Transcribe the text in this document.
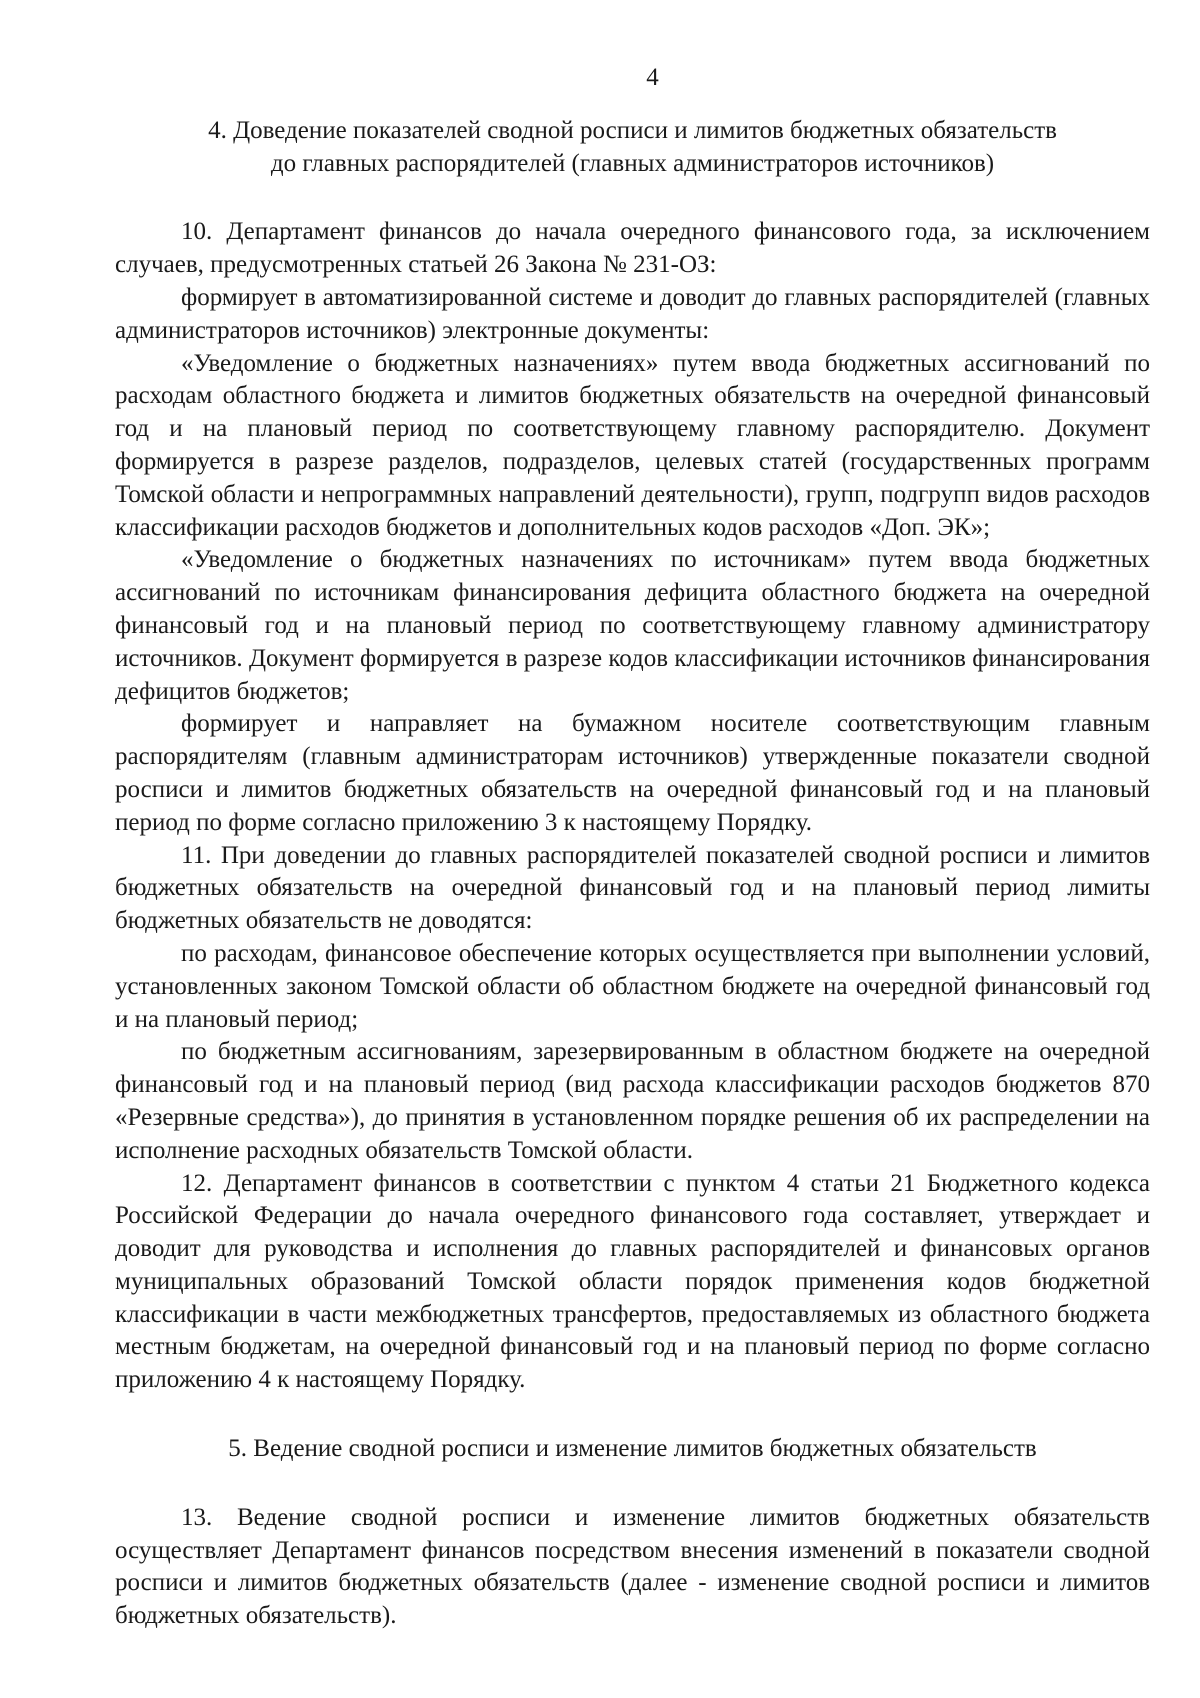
4
4. Доведение показателей сводной росписи и лимитов бюджетных обязательств
до главных распорядителей (главных администраторов источников)

10. Департамент финансов до начала очередного финансового года, за исключением случаев, предусмотренных статьей 26 Закона № 231-ОЗ:

формирует в автоматизированной системе и доводит до главных распорядителей (главных администраторов источников) электронные документы:

«Уведомление о бюджетных назначениях» путем ввода бюджетных ассигнований по расходам областного бюджета и лимитов бюджетных обязательств на очередной финансовый год и на плановый период по соответствующему главному распорядителю. Документ формируется в разрезе разделов, подразделов, целевых статей (государственных программ Томской области и непрограммных направлений деятельности), групп, подгрупп видов расходов классификации расходов бюджетов и дополнительных кодов расходов «Доп. ЭК»;

«Уведомление о бюджетных назначениях по источникам» путем ввода бюджетных ассигнований по источникам финансирования дефицита областного бюджета на очередной финансовый год и на плановый период по соответствующему главному администратору источников. Документ формируется в разрезе кодов классификации источников финансирования дефицитов бюджетов;

формирует и направляет на бумажном носителе соответствующим главным распорядителям (главным администраторам источников) утвержденные показатели сводной росписи и лимитов бюджетных обязательств на очередной финансовый год и на плановый период по форме согласно приложению 3 к настоящему Порядку.

11. При доведении до главных распорядителей показателей сводной росписи и лимитов бюджетных обязательств на очередной финансовый год и на плановый период лимиты бюджетных обязательств не доводятся:

по расходам, финансовое обеспечение которых осуществляется при выполнении условий, установленных законом Томской области об областном бюджете на очередной финансовый год и на плановый период;

по бюджетным ассигнованиям, зарезервированным в областном бюджете на очередной финансовый год и на плановый период (вид расхода классификации расходов бюджетов 870 «Резервные средства»), до принятия в установленном порядке решения об их распределении на исполнение расходных обязательств Томской области.

12. Департамент финансов в соответствии с пунктом 4 статьи 21 Бюджетного кодекса Российской Федерации до начала очередного финансового года составляет, утверждает и доводит для руководства и исполнения до главных распорядителей и финансовых органов муниципальных образований Томской области порядок применения кодов бюджетной классификации в части межбюджетных трансфертов, предоставляемых из областного бюджета местным бюджетам, на очередной финансовый год и на плановый период по форме согласно приложению 4 к настоящему Порядку.

5. Ведение сводной росписи и изменение лимитов бюджетных обязательств

13. Ведение сводной росписи и изменение лимитов бюджетных обязательств осуществляет Департамент финансов посредством внесения изменений в показатели сводной росписи и лимитов бюджетных обязательств (далее - изменение сводной росписи и лимитов бюджетных обязательств).
